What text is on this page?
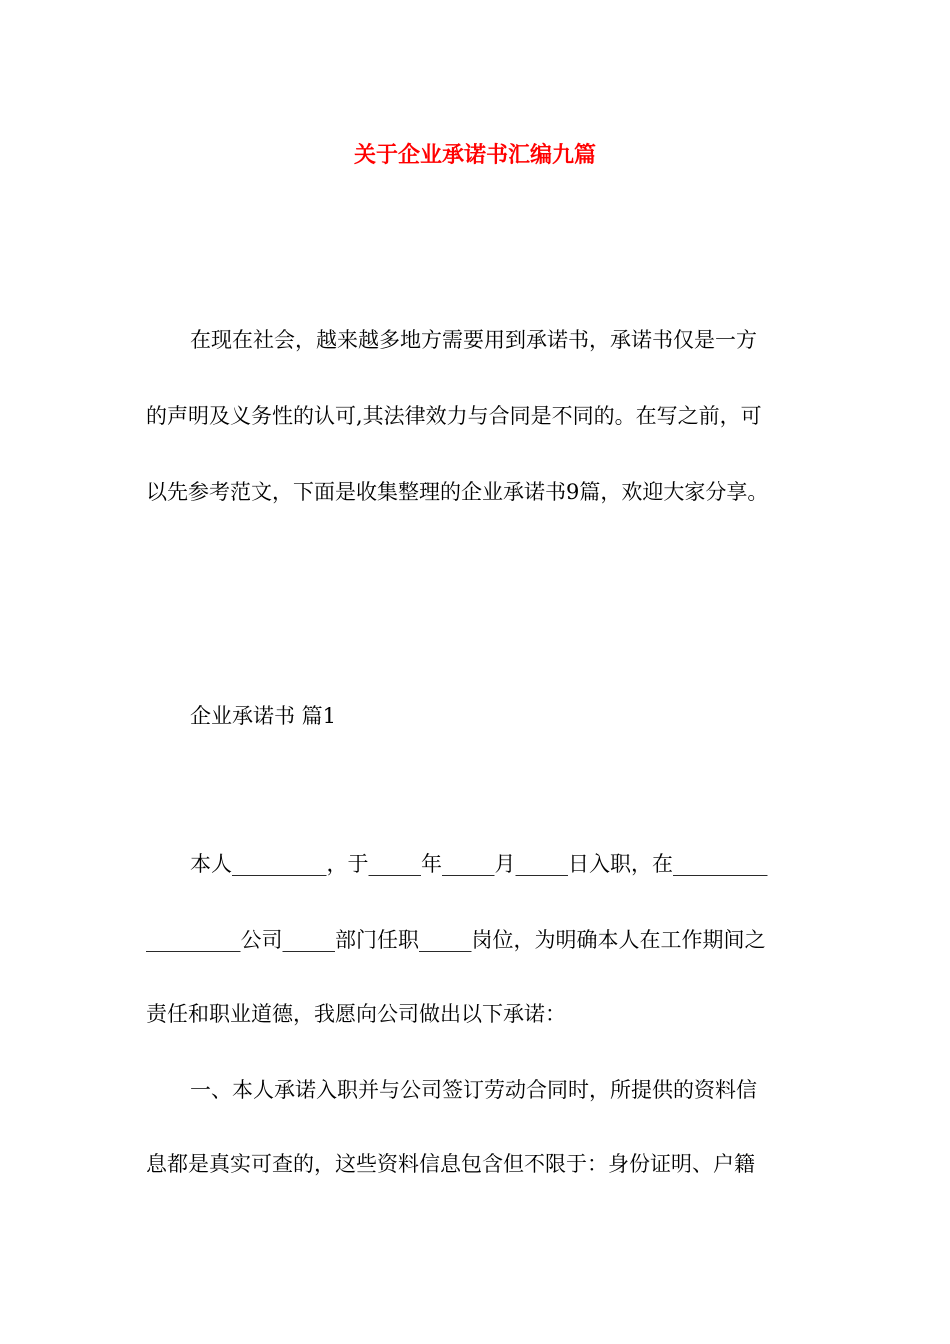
关于企业承诺书汇编九篇
在现在社会，越来越多地方需要用到承诺书，承诺书仅是一方
的声明及义务性的认可,其法律效力与合同是不同的。在写之前，可
以先参考范文，下面是收集整理的企业承诺书9篇，欢迎大家分享。
企业承诺书 篇1
本人_________，于_____年_____月_____日入职，在_________
_________公司_____部门任职_____岗位，为明确本人在工作期间之
责任和职业道德，我愿向公司做出以下承诺：
一、本人承诺入职并与公司签订劳动合同时，所提供的资料信
息都是真实可查的，这些资料信息包含但不限于：身份证明、户籍
